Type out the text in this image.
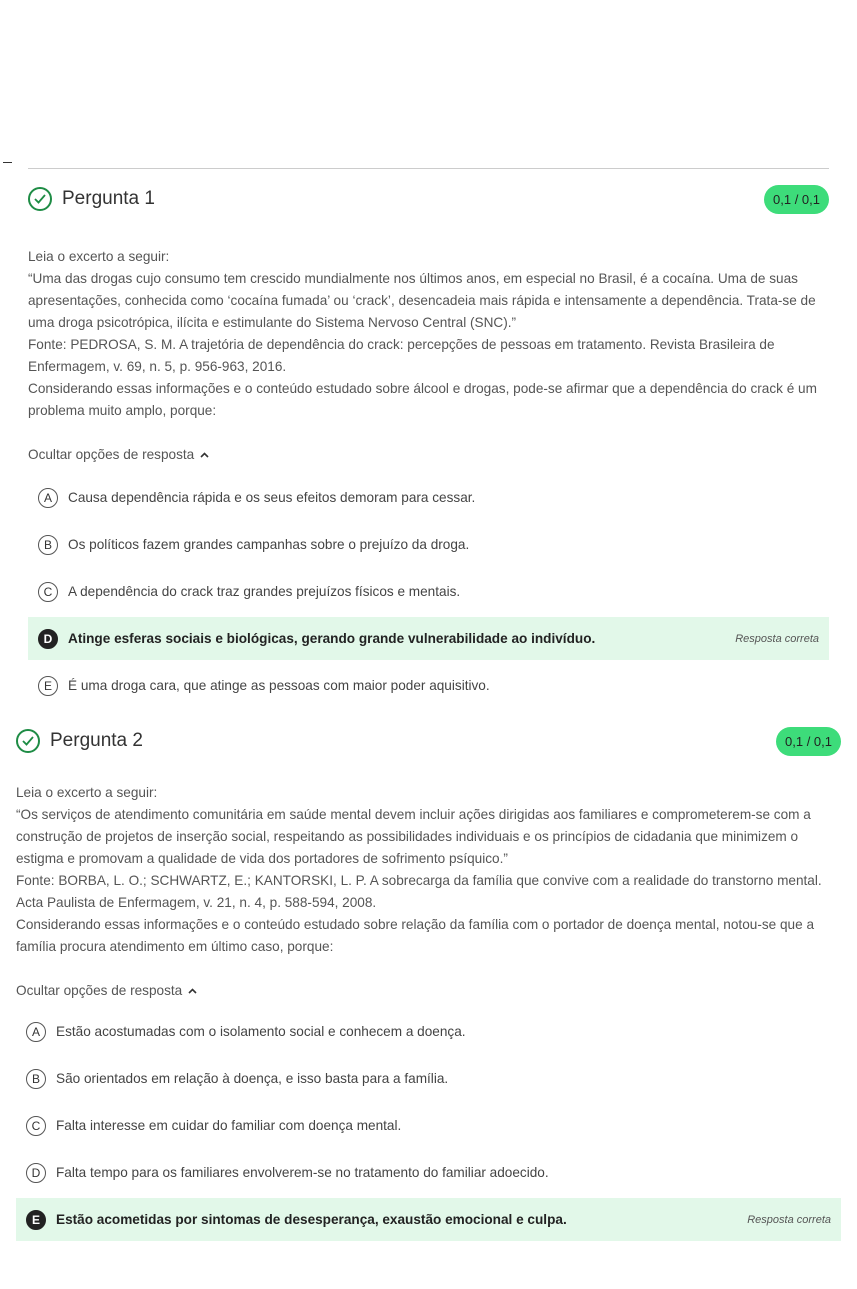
Pergunta 1	0,1 / 0,1

Leia o excerto a seguir:

“Uma das drogas cujo consumo tem crescido mundialmente nos últimos anos, em especial no Brasil, é a cocaína. Uma de suas apresentações, conhecida como ‘cocaína fumada’ ou ‘crack’, desencadeia mais rápida e intensamente a dependência. Trata-se de uma droga psicotrópica, ilícita e estimulante do Sistema Nervoso Central (SNC).”

Fonte: PEDROSA, S. M. A trajetória de dependência do crack: percepções de pessoas em tratamento. Revista Brasileira de Enfermagem, v. 69, n. 5, p. 956-963, 2016.

Considerando essas informações e o conteúdo estudado sobre álcool e drogas, pode-se afirmar que a dependência do crack é um problema muito amplo, porque:

Ocultar opções de resposta
A	Causa dependência rápida e os seus efeitos demoram para cessar.
B	Os políticos fazem grandes campanhas sobre o prejuízo da droga.
C	A dependência do crack traz grandes prejuízos físicos e mentais.
D	Atinge esferas sociais e biológicas, gerando grande vulnerabilidade ao indivíduo.	Resposta correta
E	É uma droga cara, que atinge as pessoas com maior poder aquisitivo.
Pergunta 2	0,1 / 0,1

Leia o excerto a seguir:

“Os serviços de atendimento comunitária em saúde mental devem incluir ações dirigidas aos familiares e comprometerem-se com a construção de projetos de inserção social, respeitando as possibilidades individuais e os princípios de cidadania que minimizem o estigma e promovam a qualidade de vida dos portadores de sofrimento psíquico.”

Fonte: BORBA, L. O.; SCHWARTZ, E.; KANTORSKI, L. P. A sobrecarga da família que convive com a realidade do transtorno mental. Acta Paulista de Enfermagem, v. 21, n. 4, p. 588-594, 2008.

Considerando essas informações e o conteúdo estudado sobre relação da família com o portador de doença mental, notou-se que a família procura atendimento em último caso, porque:

Ocultar opções de resposta
A	Estão acostumadas com o isolamento social e conhecem a doença.
B	São orientados em relação à doença, e isso basta para a família.
C	Falta interesse em cuidar do familiar com doença mental.
D	Falta tempo para os familiares envolverem-se no tratamento do familiar adoecido.
E	Estão acometidas por sintomas de desesperança, exaustão emocional e culpa.	Resposta correta
